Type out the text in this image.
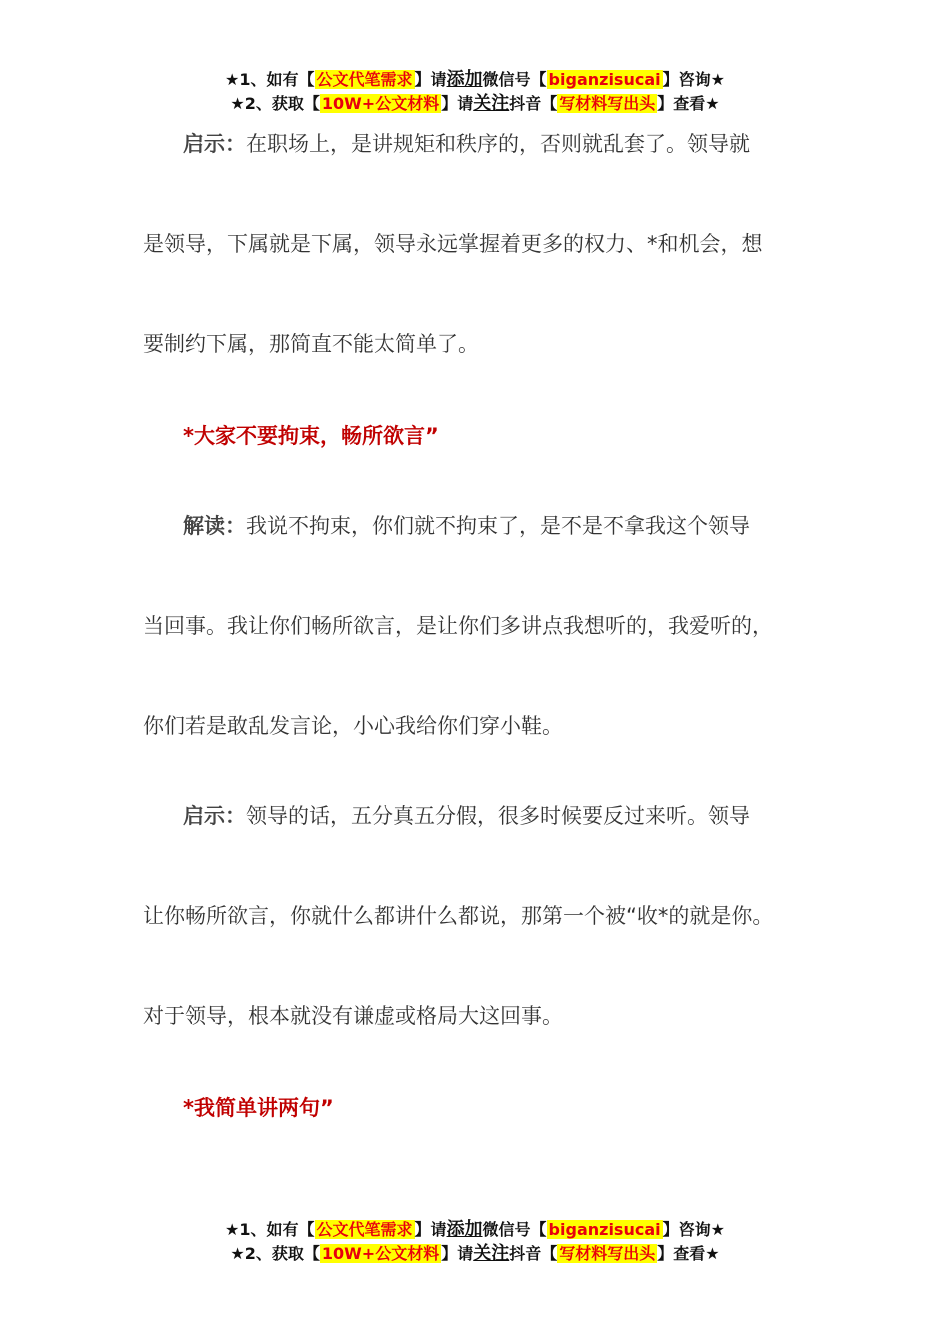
★1、如有【 公文代笔需求 】请添加微信号【 biganzisucai 】咨询★
★2、获取【 10W+公文材料 】请关注抖音【 写材料写出头 】查看★
启示：在职场上，是讲规矩和秩序的，否则就乱套了。领导就
是领导，下属就是下属，领导永远掌握着更多的权力、*和机会，想
要制约下属，那简直不能太简单了。
*大家不要拘束，畅所欲言”
解读：我说不拘束，你们就不拘束了，是不是不拿我这个领导
当回事。我让你们畅所欲言，是让你们多讲点我想听的，我爱听的，
你们若是敢乱发言论，小心我给你们穿小鞋。
启示：领导的话，五分真五分假，很多时候要反过来听。领导
让你畅所欲言，你就什么都讲什么都说，那第一个被“收*的就是你。
对于领导，根本就没有谦虚或格局大这回事。
*我简单讲两句”
★1、如有【 公文代笔需求 】请添加微信号【 biganzisucai 】咨询★
★2、获取【 10W+公文材料 】请关注抖音【 写材料写出头 】查看★
